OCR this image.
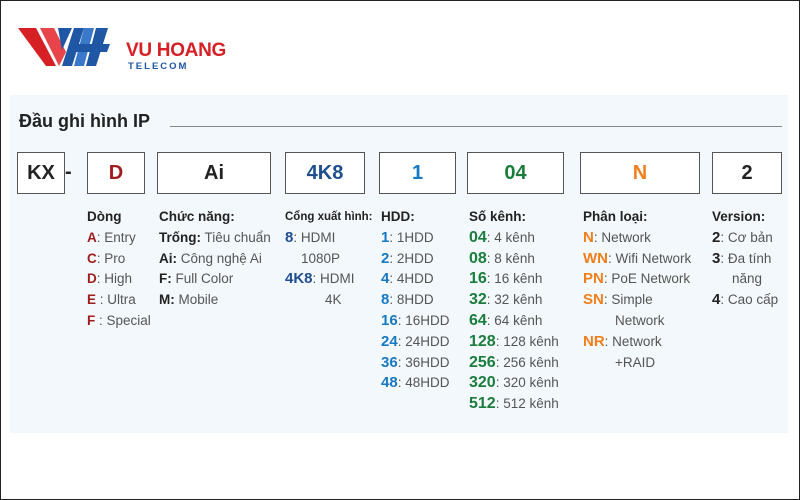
VU HOANG
TELECOM
Đầu ghi hình IP
KX -	D	Ai	4K8	1	04	N	2
Dòng
A: Entry
C: Pro
D: High
E : Ultra
F : Special
Chức năng:
Trống: Tiêu chuẩn
Ai: Công nghệ Ai
F: Full Color
M: Mobile
Cổng xuất hình:
8: HDMI
1080P
4K8: HDMI
4K
HDD:
1: 1HDD
2: 2HDD
4: 4HDD
8: 8HDD
16: 16HDD
24: 24HDD
36: 36HDD
48: 48HDD
Số kênh:
04: 4 kênh
08: 8 kênh
16: 16 kênh
32: 32 kênh
64: 64 kênh
128: 128 kênh
256: 256 kênh
320: 320 kênh
512: 512 kênh
Phân loại:
N: Network
WN: Wifi Network
PN: PoE Network
SN: Simple
Network
NR: Network
+RAID
Version:
2: Cơ bản
3: Đa tính
năng
4: Cao cấp
